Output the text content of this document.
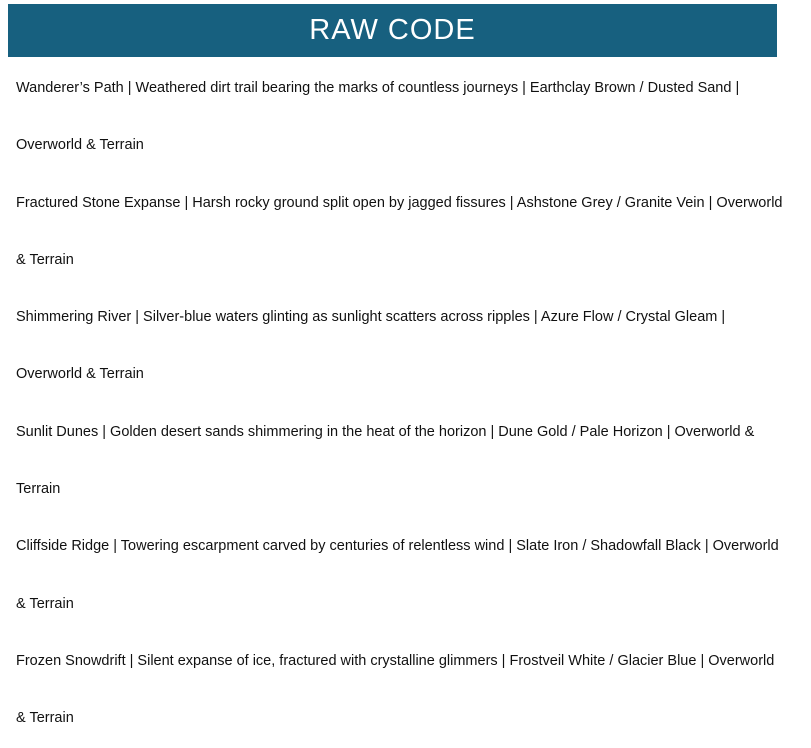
RAW CODE
Wanderer’s Path | Weathered dirt trail bearing the marks of countless journeys | Earthclay Brown / Dusted Sand | Overworld & Terrain
Fractured Stone Expanse | Harsh rocky ground split open by jagged fissures | Ashstone Grey / Granite Vein | Overworld & Terrain
Shimmering River | Silver-blue waters glinting as sunlight scatters across ripples | Azure Flow / Crystal Gleam | Overworld & Terrain
Sunlit Dunes | Golden desert sands shimmering in the heat of the horizon | Dune Gold / Pale Horizon | Overworld & Terrain
Cliffside Ridge | Towering escarpment carved by centuries of relentless wind | Slate Iron / Shadowfall Black | Overworld & Terrain
Frozen Snowdrift | Silent expanse of ice, fractured with crystalline glimmers | Frostveil White / Glacier Blue | Overworld & Terrain
